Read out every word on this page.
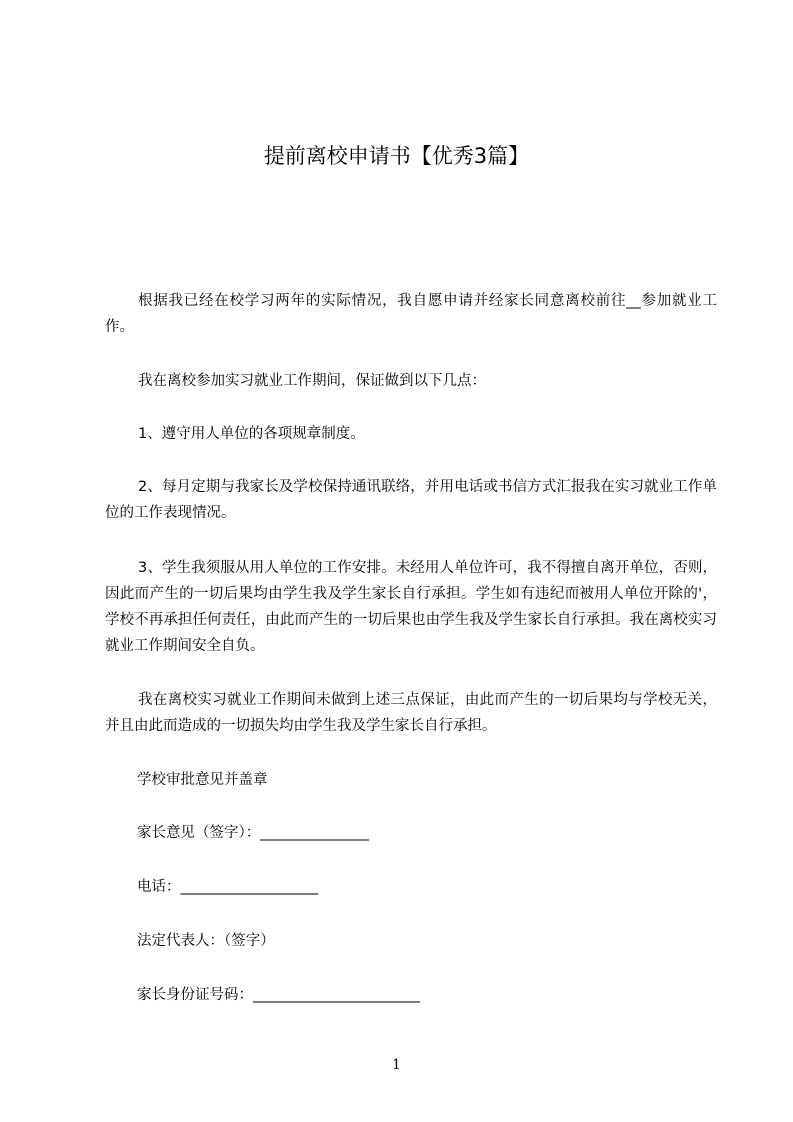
提前离校申请书【优秀3篇】

根据我已经在校学习两年的实际情况，我自愿申请并经家长同意离校前往__参加就业工作。

我在离校参加实习就业工作期间，保证做到以下几点：

1、遵守用人单位的各项规章制度。

2、每月定期与我家长及学校保持通讯联络，并用电话或书信方式汇报我在实习就业工作单位的工作表现情况。

3、学生我须服从用人单位的工作安排。未经用人单位许可，我不得擅自离开单位，否则，因此而产生的一切后果均由学生我及学生家长自行承担。学生如有违纪而被用人单位开除的'，学校不再承担任何责任，由此而产生的一切后果也由学生我及学生家长自行承担。我在离校实习就业工作期间安全自负。

我在离校实习就业工作期间未做到上述三点保证，由此而产生的一切后果均与学校无关，并且由此而造成的一切损失均由学生我及学生家长自行承担。

学校审批意见并盖章
家长意见（签字）：_______________
电话：___________________
法定代表人：（签字）
家长身份证号码：_______________________
1
